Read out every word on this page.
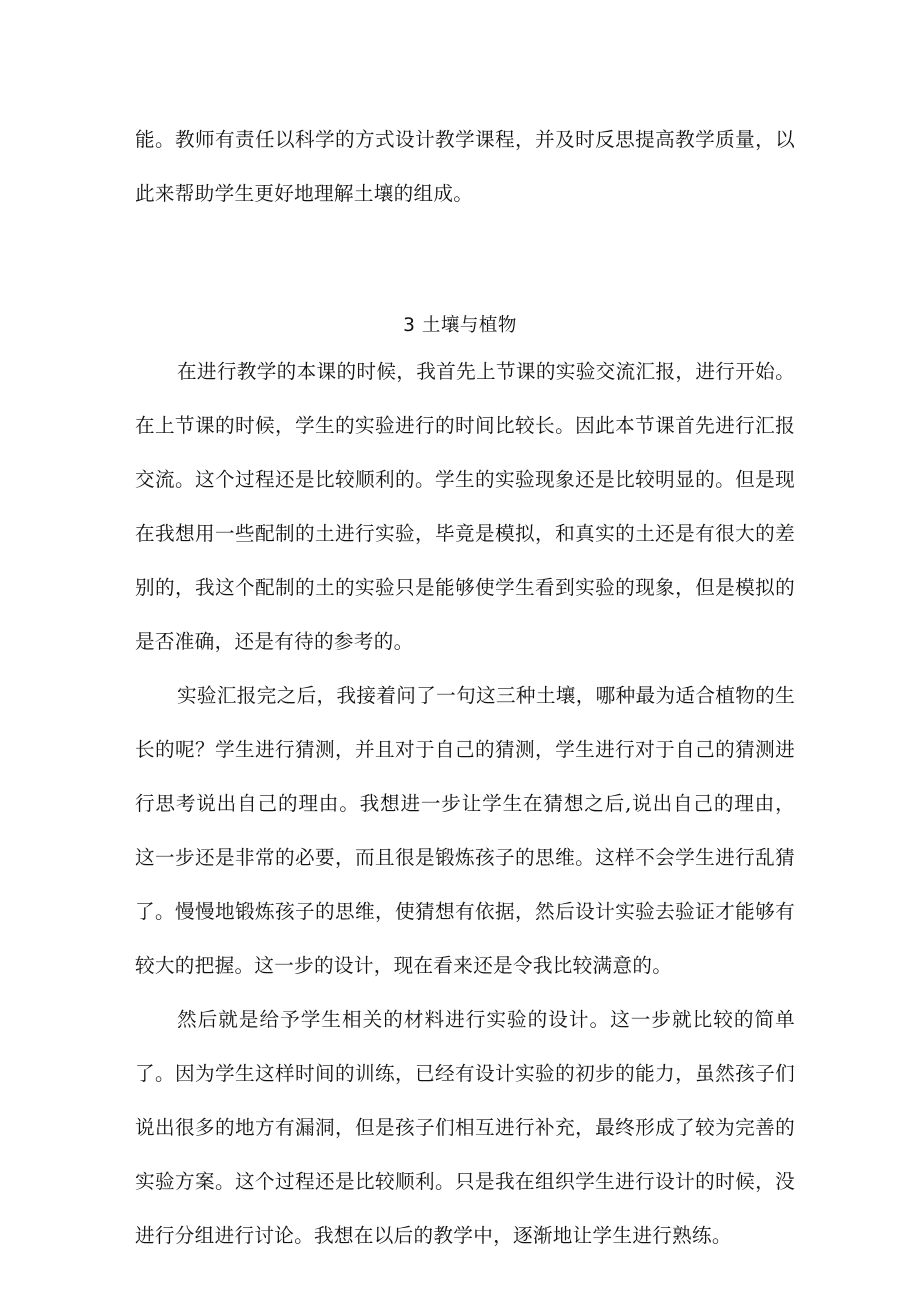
能。教师有责任以科学的方式设计教学课程，并及时反思提高教学质量，以此来帮助学生更好地理解土壤的组成。

3 土壤与植物

在进行教学的本课的时候，我首先上节课的实验交流汇报，进行开始。在上节课的时候，学生的实验进行的时间比较长。因此本节课首先进行汇报交流。这个过程还是比较顺利的。学生的实验现象还是比较明显的。但是现在我想用一些配制的土进行实验，毕竟是模拟，和真实的土还是有很大的差别的，我这个配制的土的实验只是能够使学生看到实验的现象，但是模拟的是否准确，还是有待的参考的。

实验汇报完之后，我接着问了一句这三种土壤，哪种最为适合植物的生长的呢？学生进行猜测，并且对于自己的猜测，学生进行对于自己的猜测进行思考说出自己的理由。我想进一步让学生在猜想之后,说出自己的理由，这一步还是非常的必要，而且很是锻炼孩子的思维。这样不会学生进行乱猜了。慢慢地锻炼孩子的思维，使猜想有依据，然后设计实验去验证才能够有较大的把握。这一步的设计，现在看来还是令我比较满意的。

然后就是给予学生相关的材料进行实验的设计。这一步就比较的简单了。因为学生这样时间的训练，已经有设计实验的初步的能力，虽然孩子们说出很多的地方有漏洞，但是孩子们相互进行补充，最终形成了较为完善的实验方案。这个过程还是比较顺利。只是我在组织学生进行设计的时候，没进行分组进行讨论。我想在以后的教学中，逐渐地让学生进行熟练。
